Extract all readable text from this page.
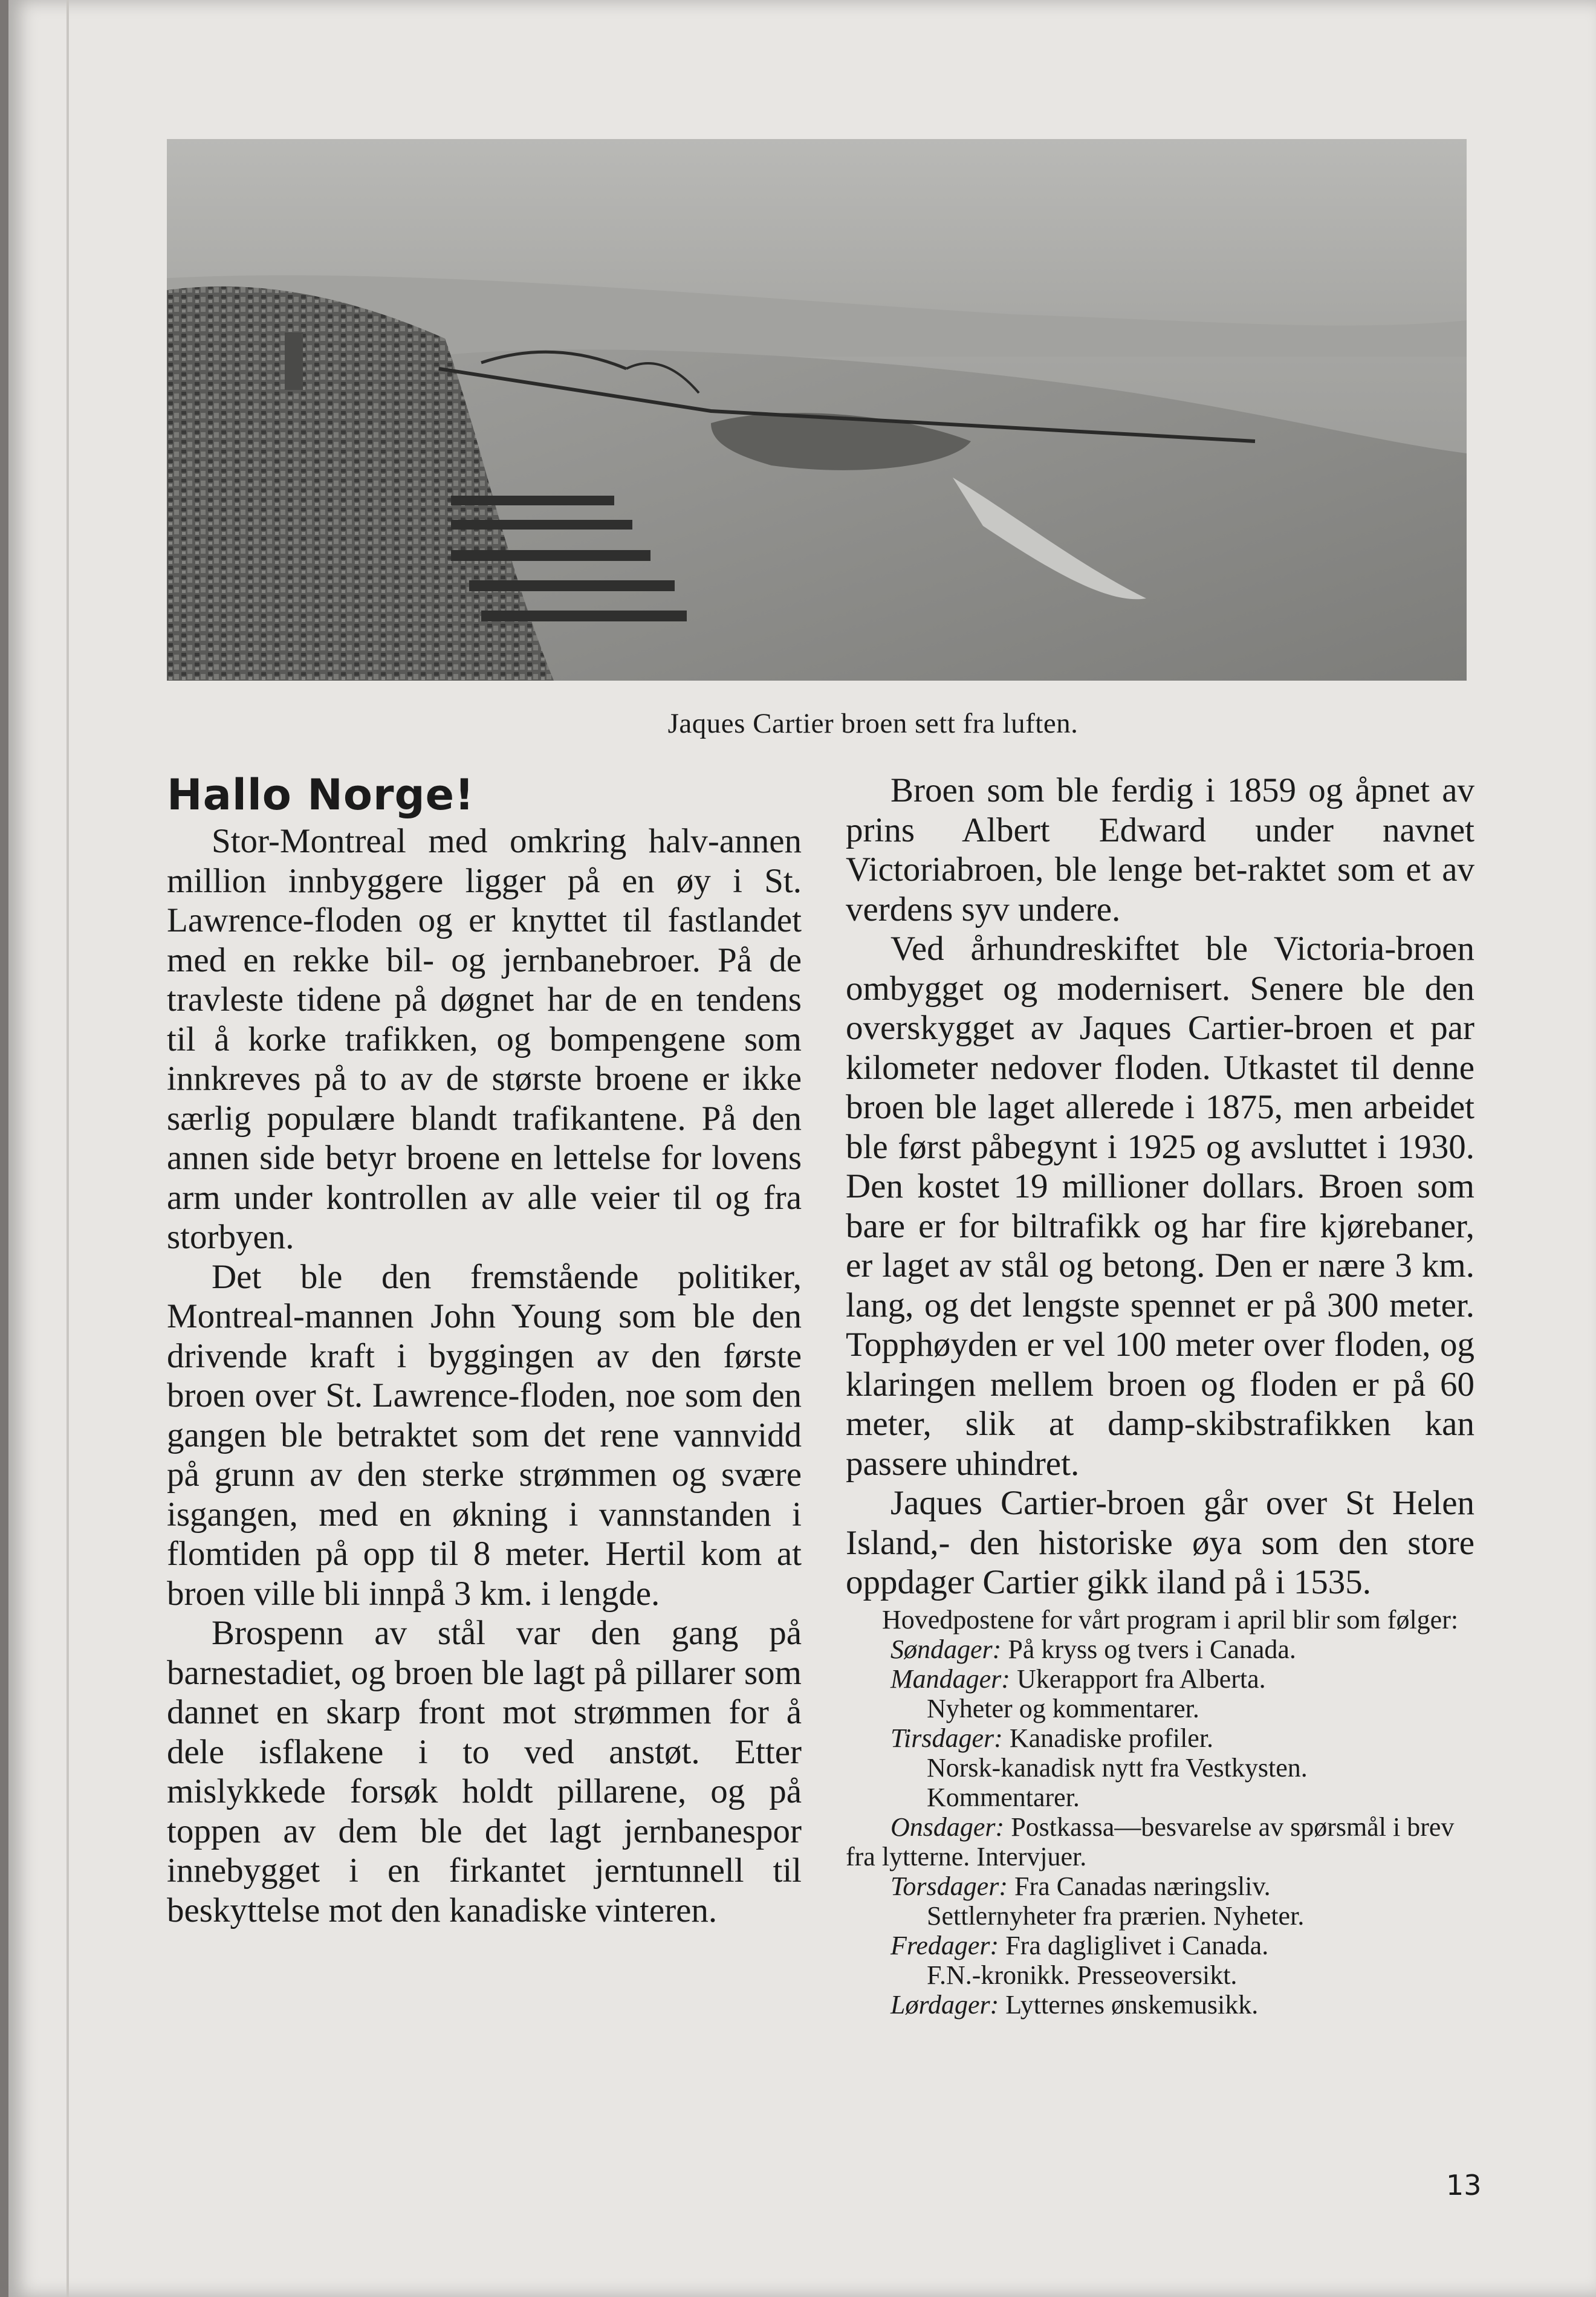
Jaques Cartier broen sett fra luften.
Hallo Norge!

Stor-Montreal med omkring halv-annen million innbyggere ligger på en øy i St. Lawrence-floden og er knyttet til fastlandet med en rekke bil- og jernbanebroer. På de travleste tidene på døgnet har de en tendens til å korke trafikken, og bompengene som innkreves på to av de største broene er ikke særlig populære blandt trafikantene. På den annen side betyr broene en lettelse for lovens arm under kontrollen av alle veier til og fra storbyen.

Det ble den fremstående politiker, Montreal-mannen John Young som ble den drivende kraft i byggingen av den første broen over St. Lawrence-floden, noe som den gangen ble betraktet som det rene vannvidd på grunn av den sterke strømmen og svære isgangen, med en økning i vannstanden i flomtiden på opp til 8 meter. Hertil kom at broen ville bli innpå 3 km. i lengde.

Brospenn av stål var den gang på barnestadiet, og broen ble lagt på pillarer som dannet en skarp front mot strømmen for å dele isflakene i to ved anstøt. Etter mislykkede forsøk holdt pillarene, og på toppen av dem ble det lagt jernbanespor innebygget i en firkantet jerntunnell til beskyttelse mot den kanadiske vinteren.

Broen som ble ferdig i 1859 og åpnet av prins Albert Edward under navnet Victoriabroen, ble lenge bet-raktet som et av verdens syv undere.

Ved århundreskiftet ble Victoria-broen ombygget og modernisert. Senere ble den overskygget av Jaques Cartier-broen et par kilometer nedover floden. Utkastet til denne broen ble laget allerede i 1875, men arbeidet ble først påbegynt i 1925 og avsluttet i 1930. Den kostet 19 millioner dollars. Broen som bare er for biltrafikk og har fire kjørebaner, er laget av stål og betong. Den er nære 3 km. lang, og det lengste spennet er på 300 meter. Topphøyden er vel 100 meter over floden, og klaringen mellem broen og floden er på 60 meter, slik at damp-skibstrafikken kan passere uhindret.

Jaques Cartier-broen går over St Helen Island,- den historiske øya som den store oppdager Cartier gikk iland på i 1535.

Hovedpostene for vårt program i april blir som følger:

Søndager: På kryss og tvers i Canada.

Mandager: Ukerapport fra Alberta.

Nyheter og kommentarer.

Tirsdager: Kanadiske profiler.

Norsk-kanadisk nytt fra Vestkysten.

Kommentarer.

Onsdager: Postkassa—besvarelse av spørsmål i brev fra lytterne. Intervjuer.

Torsdager: Fra Canadas næringsliv.

Settlernyheter fra prærien. Nyheter.

Fredager: Fra dagliglivet i Canada.

F.N.-kronikk. Presseoversikt.

Lørdager: Lytternes ønskemusikk.

13
